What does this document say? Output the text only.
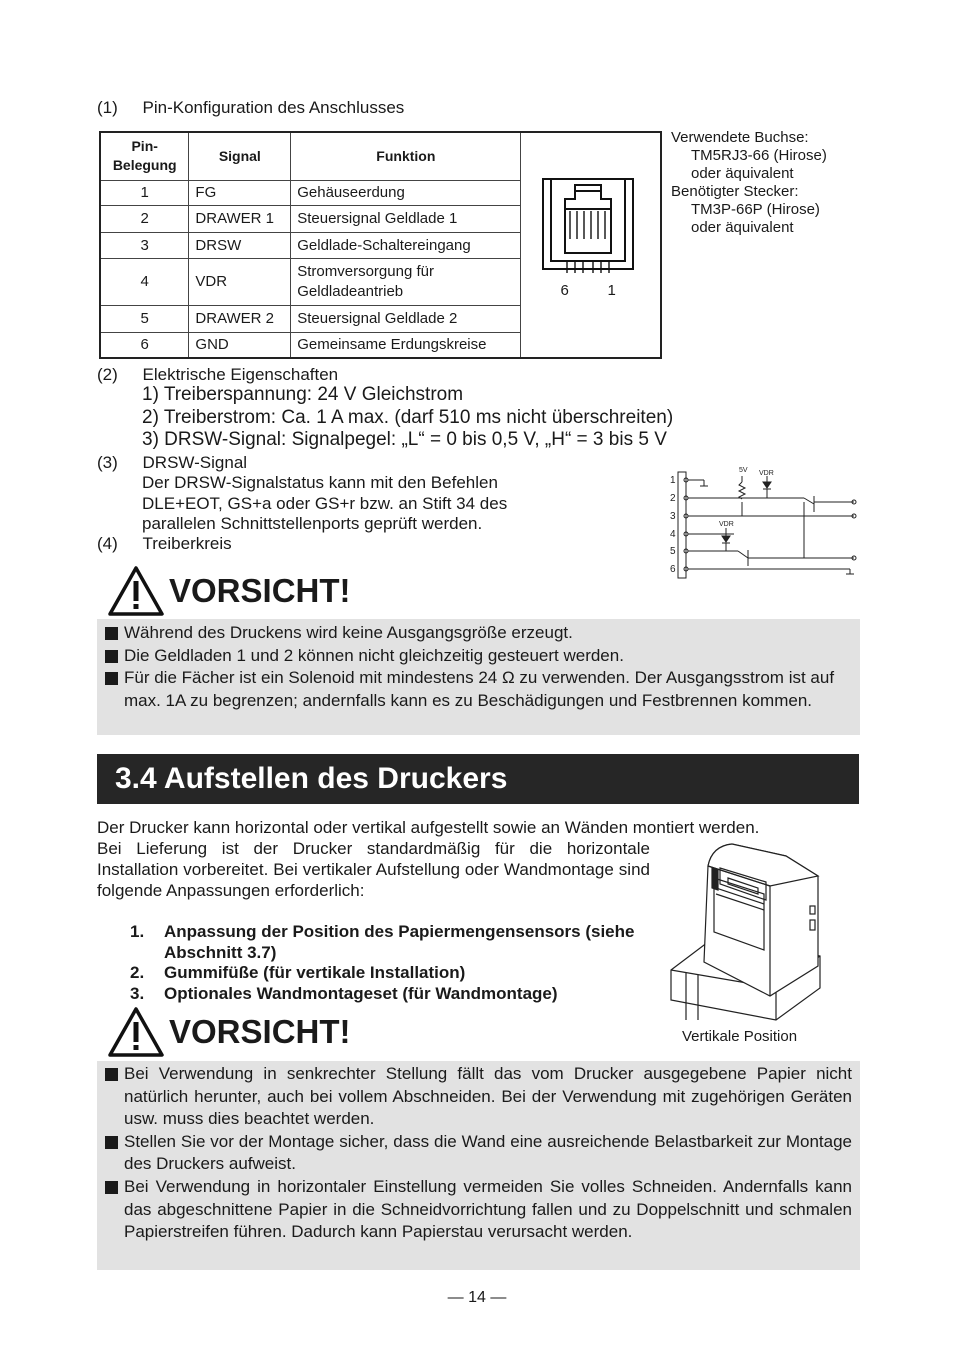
(1) Pin-Konfiguration des Anschlusses
Pin-
Belegung	Signal	Funktion	6 1

1	FG	Gehäuseerdung	
2	DRAWER 1	Steuersignal Geldlade 1	
3	DRSW	Geldlade-Schaltereingang	
4	VDR	Stromversorgung für
Geldladeantrieb	
5	DRAWER 2	Steuersignal Geldlade 2	
6	GND	Gemeinsame Erdungskreise	
Verwendete Buchse:
TM5RJ3-66 (Hirose)
oder äquivalent
Benötigter Stecker:
TM3P-66P (Hirose)
oder äquivalent
(2) Elektrische Eigenschaften
1) Treiberspannung: 24 V Gleichstrom
2) Treiberstrom: Ca. 1 A max. (darf 510 ms nicht überschreiten)
3) DRSW-Signal: Signalpegel: „L“ = 0 bis 0,5 V, „H“ = 3 bis 5 V
(3) DRSW-Signal
Der DRSW-Signalstatus kann mit den Befehlen
DLE+EOT, GS+a oder GS+r bzw. an Stift 34 des
parallelen Schnittstellenports geprüft werden.
(4) Treiberkreis
1
2
3
4
5
6
5V VDR
VDR
VORSICHT!
Während des Druckens wird keine Ausgangsgröße erzeugt.
Die Geldladen 1 und 2 können nicht gleichzeitig gesteuert werden.
Für die Fächer ist ein Solenoid mit mindestens 24 Ω zu verwenden. Der Ausgangsstrom ist auf max. 1A zu begrenzen; andernfalls kann es zu Beschädigungen und Festbrennen kommen.
3.4 Aufstellen des Druckers
Der Drucker kann horizontal oder vertikal aufgestellt sowie an Wänden montiert werden.
Bei Lieferung ist der Drucker standardmäßig für die horizontale Installation vorbereitet. Bei vertikaler Aufstellung oder Wandmontage sind folgende Anpassungen erforderlich:
1. Anpassung der Position des Papiermengensensors (siehe Abschnitt 3.7)
2. Gummifüße (für vertikale Installation)
3. Optionales Wandmontageset (für Wandmontage)
Vertikale Position
VORSICHT!
Bei Verwendung in senkrechter Stellung fällt das vom Drucker ausgegebene Papier nicht natürlich herunter, auch bei vollem Abschneiden. Bei der Verwendung mit zugehörigen Geräten usw. muss dies beachtet werden.
Stellen Sie vor der Montage sicher, dass die Wand eine ausreichende Belastbarkeit zur Montage des Druckers aufweist.
Bei Verwendung in horizontaler Einstellung vermeiden Sie volles Schneiden. Andernfalls kann das abgeschnittene Papier in die Schneidvorrichtung fallen und zu Doppelschnitt und schmalen Papierstreifen führen. Dadurch kann Papierstau verursacht werden.
— 14 —
